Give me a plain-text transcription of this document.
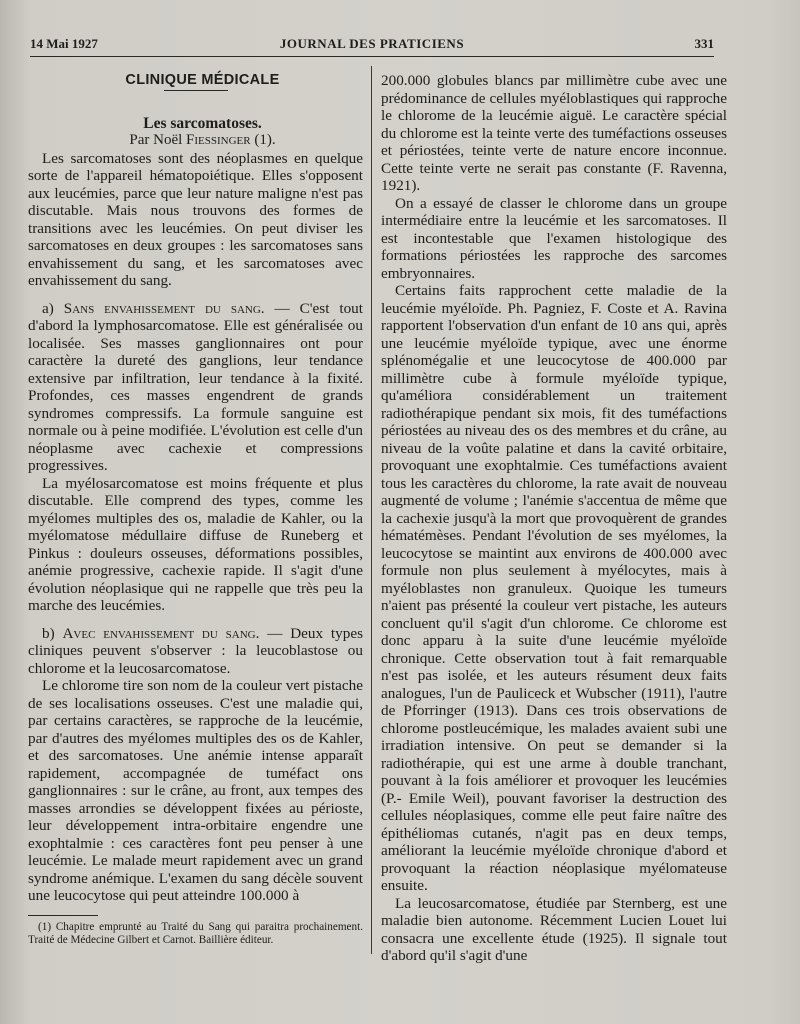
14 Mai 1927	JOURNAL DES PRATICIENS	331

CLINIQUE MÉDICALE

Les sarcomatoses.

Par Noël Fiessinger (1).

Les sarcomatoses sont des néoplasmes en quelque sorte de l'appareil hématopoiétique. Elles s'opposent aux leucémies, parce que leur nature maligne n'est pas discutable. Mais nous trouvons des formes de transitions avec les leucémies. On peut diviser les sarcomatoses en deux groupes : les sarcomatoses sans envahissement du sang, et les sarcomatoses avec envahissement du sang.

a) Sans envahissement du sang. — C'est tout d'abord la lymphosarcomatose. Elle est généralisée ou localisée. Ses masses ganglionnaires ont pour caractère la dureté des ganglions, leur tendance extensive par infiltration, leur tendance à la fixité. Profondes, ces masses engendrent de grands syndromes compressifs. La formule sanguine est normale ou à peine modifiée. L'évolution est celle d'un néoplasme avec cachexie et compressions progressives.

La myélosarcomatose est moins fréquente et plus discutable. Elle comprend des types, comme les myélomes multiples des os, maladie de Kahler, ou la myélomatose médullaire diffuse de Runeberg et Pinkus : douleurs osseuses, déformations possibles, anémie progressive, cachexie rapide. Il s'agit d'une évolution néoplasique qui ne rappelle que très peu la marche des leucémies.

b) Avec envahissement du sang. — Deux types cliniques peuvent s'observer : la leucoblastose ou chlorome et la leucosarcomatose.

Le chlorome tire son nom de la couleur vert pistache de ses localisations osseuses. C'est une maladie qui, par certains caractères, se rapproche de la leucémie, par d'autres des myélomes multiples des os de Kahler, et des sarcomatoses. Une anémie intense apparaît rapidement, accompagnée de tuméfact ons ganglionnaires : sur le crâne, au front, aux tempes des masses arrondies se développent fixées au périoste, leur développement intra-orbitaire engendre une exophtalmie : ces caractères font peu penser à une leucémie. Le malade meurt rapidement avec un grand syndrome anémique. L'examen du sang décèle souvent une leucocytose qui peut atteindre 100.000 à

(1) Chapitre emprunté au Traité du Sang qui paraitra prochainement. Traité de Médecine Gilbert et Carnot. Baillière éditeur.

200.000 globules blancs par millimètre cube avec une prédominance de cellules myéloblastiques qui rapproche le chlorome de la leucémie aiguë. Le caractère spécial du chlorome est la teinte verte des tuméfactions osseuses et périostées, teinte verte de nature encore inconnue. Cette teinte verte ne serait pas constante (F. Ravenna, 1921).

On a essayé de classer le chlorome dans un groupe intermédiaire entre la leucémie et les sarcomatoses. Il est incontestable que l'examen histologique des formations périostées les rapproche des sarcomes embryonnaires.

Certains faits rapprochent cette maladie de la leucémie myéloïde. Ph. Pagniez, F. Coste et A. Ravina rapportent l'observation d'un enfant de 10 ans qui, après une leucémie myéloïde typique, avec une énorme splénomégalie et une leucocytose de 400.000 par millimètre cube à formule myéloïde typique, qu'améliora considérablement un traitement radiothérapique pendant six mois, fit des tuméfactions périostées au niveau des os des membres et du crâne, au niveau de la voûte palatine et dans la cavité orbitaire, provoquant une exophtalmie. Ces tuméfactions avaient tous les caractères du chlorome, la rate avait de nouveau augmenté de volume ; l'anémie s'accentua de même que la cachexie jusqu'à la mort que provoquèrent de grandes hématémèses. Pendant l'évolution de ses myélomes, la leucocytose se maintint aux environs de 400.000 avec formule non plus seulement à myélocytes, mais à myéloblastes non granuleux. Quoique les tumeurs n'aient pas présenté la couleur vert pistache, les auteurs concluent qu'il s'agit d'un chlorome. Ce chlorome est donc apparu à la suite d'une leucémie myéloïde chronique. Cette observation tout à fait remarquable n'est pas isolée, et les auteurs résument deux faits analogues, l'un de Pauliceck et Wubscher (1911), l'autre de Pforringer (1913). Dans ces trois observations de chlorome postleucémique, les malades avaient subi une irradiation intensive. On peut se demander si la radiothérapie, qui est une arme à double tranchant, pouvant à la fois améliorer et provoquer les leucémies (P.- Emile Weil), pouvant favoriser la destruction des cellules néoplasiques, comme elle peut faire naître des épithéliomas cutanés, n'agit pas en deux temps, améliorant la leucémie myéloïde chronique d'abord et provoquant la réaction néoplasique myélomateuse ensuite.

La leucosarcomatose, étudiée par Sternberg, est une maladie bien autonome. Récemment Lucien Louet lui consacra une excellente étude (1925). Il signale tout d'abord qu'il s'agit d'une
